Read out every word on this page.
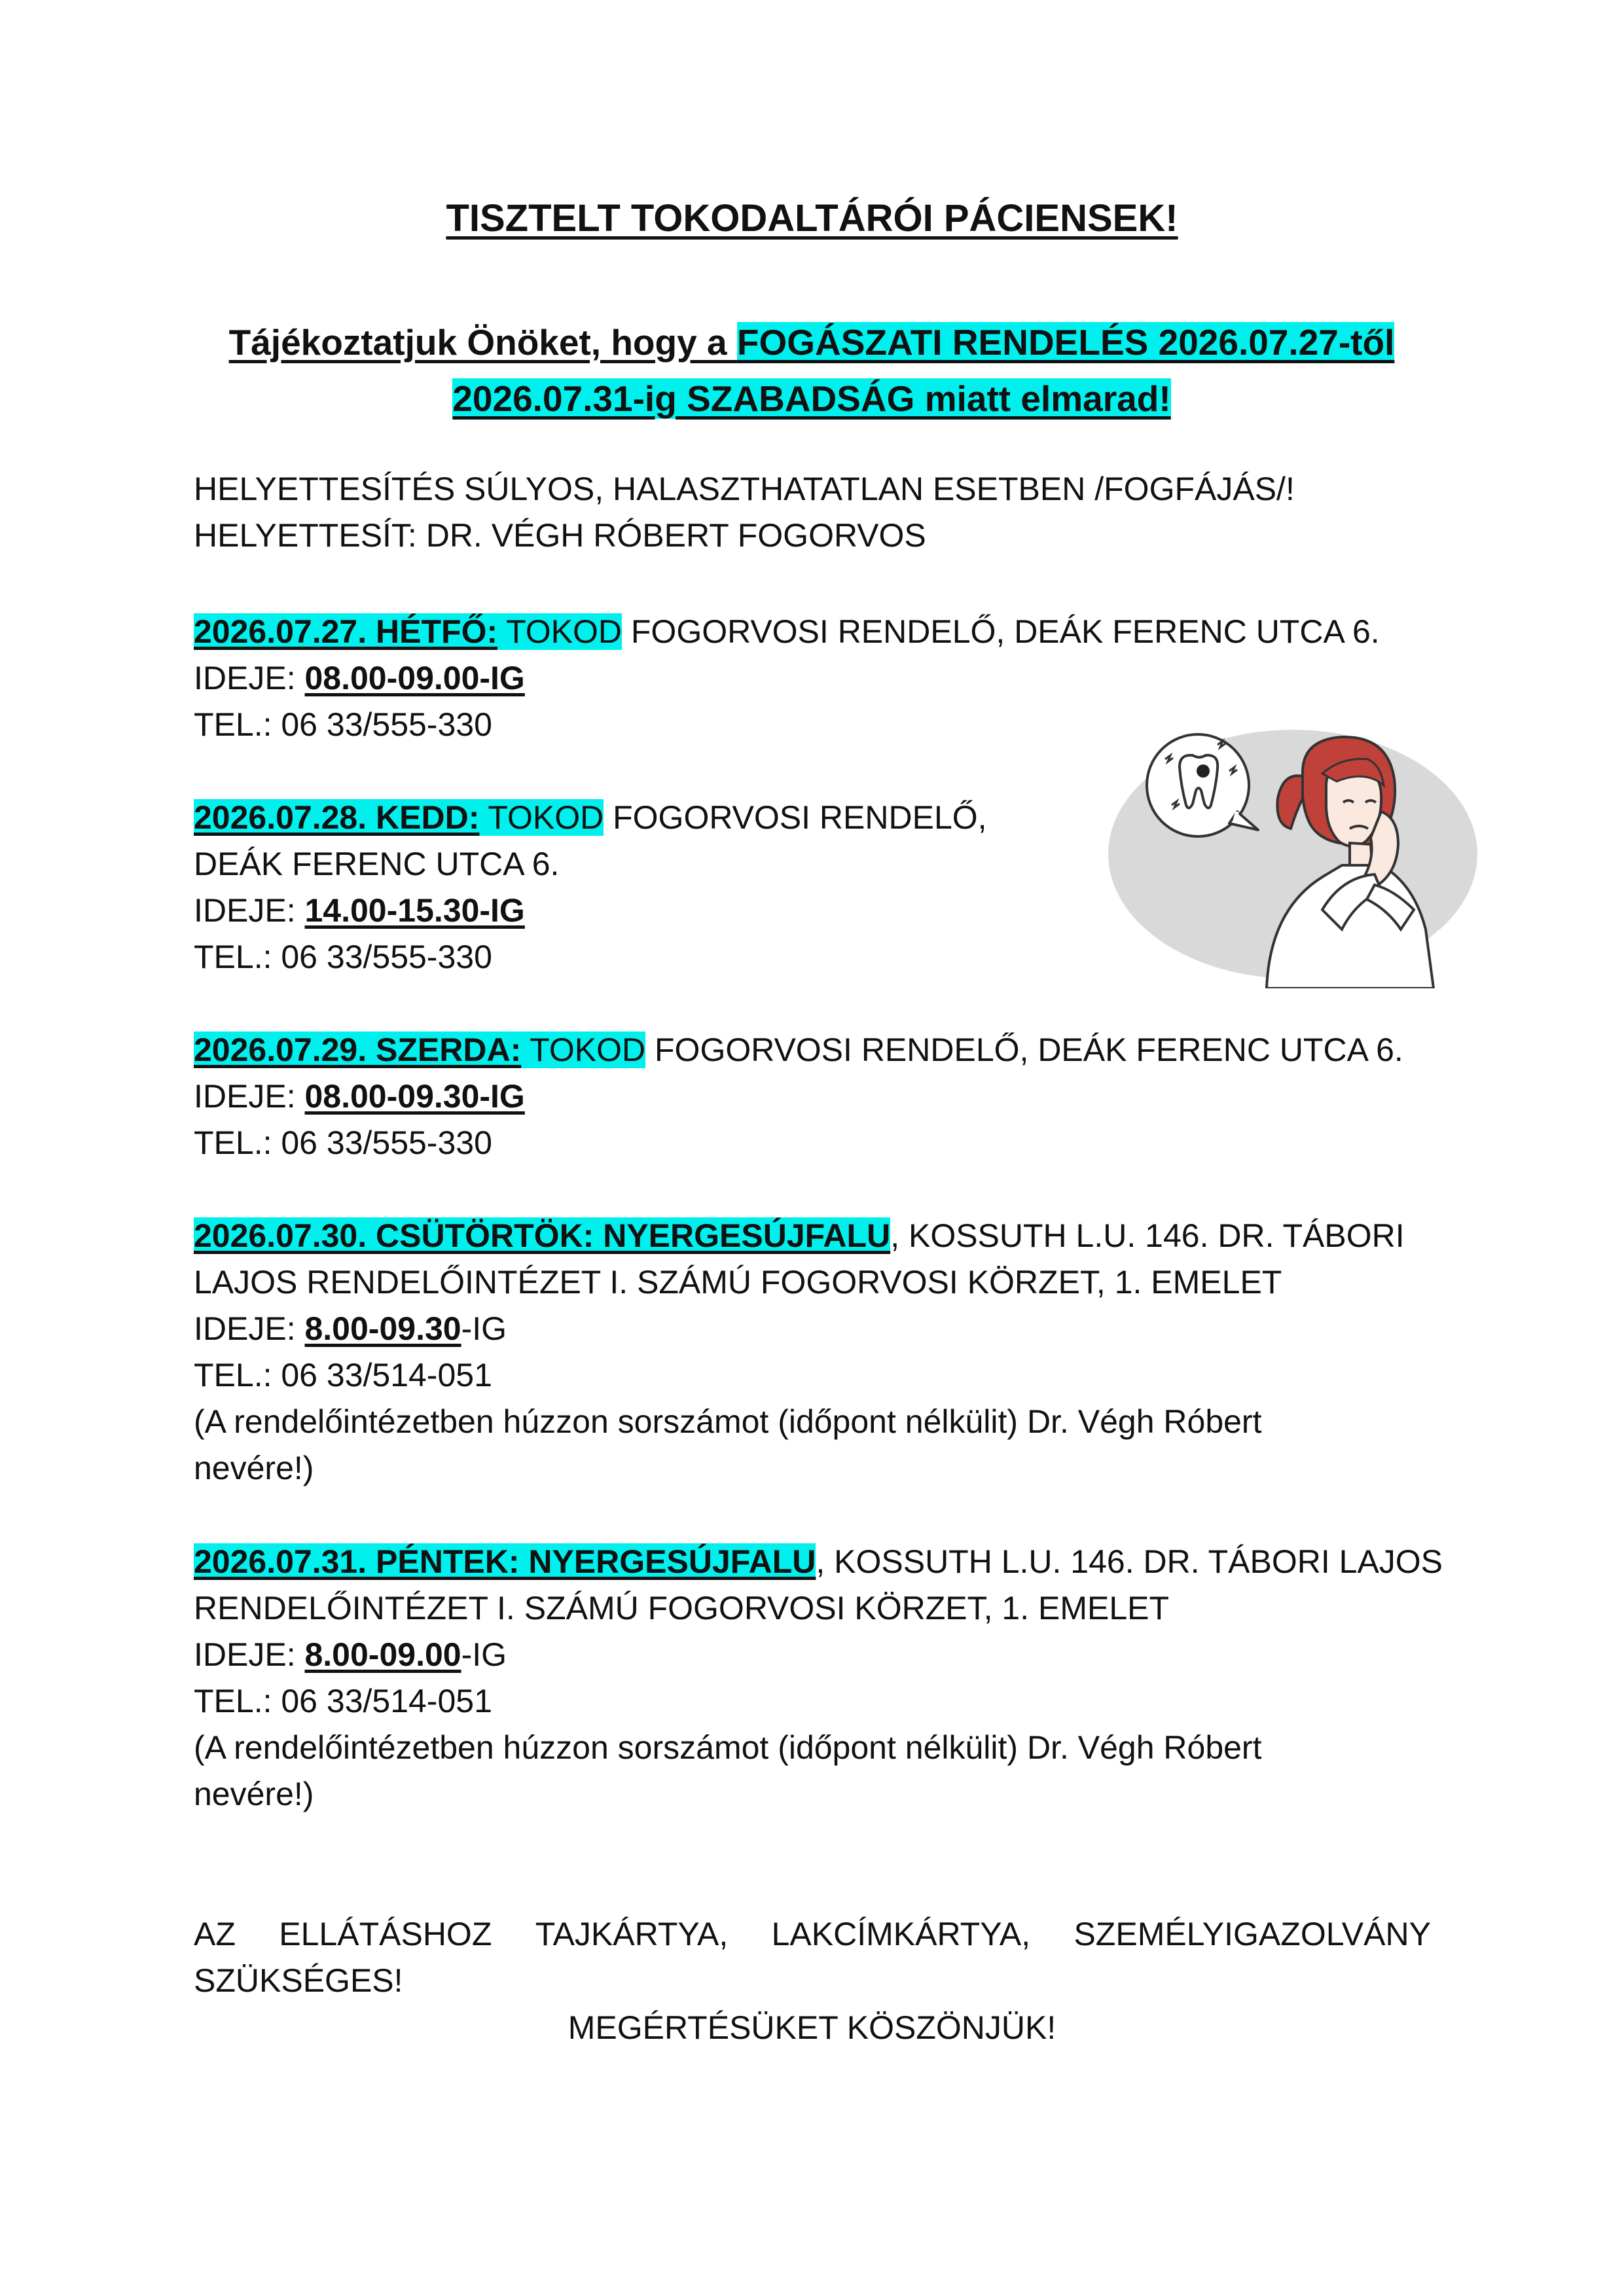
TISZTELT TOKODALTÁRÓI PÁCIENSEK!
Tájékoztatjuk Önöket, hogy a FOGÁSZATI RENDELÉS 2026.07.27-től
2026.07.31-ig SZABADSÁG miatt elmarad!
HELYETTESÍTÉS SÚLYOS, HALASZTHATATLAN ESETBEN /FOGFÁJÁS/!
HELYETTESÍT: DR. VÉGH RÓBERT FOGORVOS
2026.07.27. HÉTFŐ: TOKOD FOGORVOSI RENDELŐ, DEÁK FERENC UTCA 6.
IDEJE: 08.00-09.00-IG
TEL.: 06 33/555-330
2026.07.28. KEDD: TOKOD FOGORVOSI RENDELŐ,
DEÁK FERENC UTCA 6.
IDEJE: 14.00-15.30-IG
TEL.: 06 33/555-330
2026.07.29. SZERDA: TOKOD FOGORVOSI RENDELŐ, DEÁK FERENC UTCA 6.
IDEJE: 08.00-09.30-IG
TEL.: 06 33/555-330
2026.07.30. CSÜTÖRTÖK: NYERGESÚJFALU, KOSSUTH L.U. 146. DR. TÁBORI
LAJOS RENDELŐINTÉZET I. SZÁMÚ FOGORVOSI KÖRZET, 1. EMELET
IDEJE: 8.00-09.30-IG
TEL.: 06 33/514-051
(A rendelőintézetben húzzon sorszámot (időpont nélkülit) Dr. Végh Róbert
nevére!)
2026.07.31. PÉNTEK: NYERGESÚJFALU, KOSSUTH L.U. 146. DR. TÁBORI LAJOS
RENDELŐINTÉZET I. SZÁMÚ FOGORVOSI KÖRZET, 1. EMELET
IDEJE: 8.00-09.00-IG
TEL.: 06 33/514-051
(A rendelőintézetben húzzon sorszámot (időpont nélkülit) Dr. Végh Róbert
nevére!)
AZ ELLÁTÁSHOZ TAJKÁRTYA, LAKCÍMKÁRTYA, SZEMÉLYIGAZOLVÁNY
SZÜKSÉGES!
MEGÉRTÉSÜKET KÖSZÖNJÜK!
